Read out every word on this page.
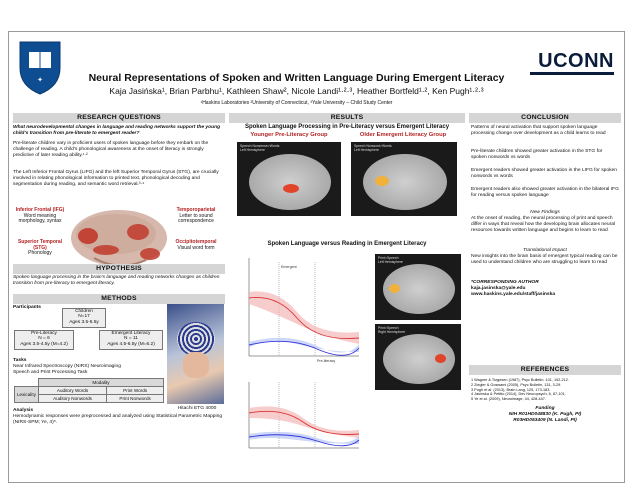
✦	Neural Representations of Spoken and Written Language During Emergent Literacy
Kaja Jasińska¹, Brian Parbhu¹, Kathleen Shaw², Nicole Landi¹·²·³, Heather Bortfeld¹·², Ken Pugh¹·²·³
¹Haskins Laboratories ²University of Connecticut, ³Yale University – Child Study Center
UCONN
RESEARCH QUESTIONS
What neurodevelopmental changes in language and reading networks support the young child's transition from pre-literate to emergent reader?
Pre-literate children vary in proficient users of spoken language before they embark on the challenge of reading. A child's phonological awareness at the onset of literacy is strongly predictive of later reading ability.¹·²
The Left Inferior Frontal Gyrus (LIFG) and the left Superior Temporal Gyrus (STG), are crucially involved in relating phonological information to printed text, phonological decoding and segmentation during reading, and semantic word retrieval.³·⁴
Inferior Frontal (IFG)
Word meaning
morphology, syntax
Temporoparietal
Letter to sound
correspondence
Superior Temporal
(STG)
Phonology
Occipitotemporal
Visual word form
HYPOTHESIS
Spoken language processing in the brain's language and reading networks changes as children transition from pre-literacy to emergent literacy.
METHODS
Participants
Children
N=17
Ages 3.5-6.5y
Pre-Literacy
N = 6
Ages 3.5-4.5y (M=4.2)
Emergent Literacy
N = 11
Ages 4.5-6.5y (M=6.2)
Hitachi ETG 4000
Tasks
Near Infrared Spectroscopy (NIRS) Neuroimaging
Speech and Print Processing Task
	Modality	
Lexicality	Auditory Words	Print Words
	Auditory Nonwords	Print Nonwords
Analysis
Hemodynamic responses were preprocessed and analyzed using Statistical Parametric Mapping (NIRS-SPM; Ye, 4)⁵.
RESULTS
Spoken Language Processing in Pre-Literacy versus Emergent Literacy
Younger Pre-Literacy Group	Older Emergent Literacy Group
Speech Nonsense>Words
Left Hemisphere
Speech Nonword>Words
Left Hemisphere
Spoken Language versus Reading in Emergent Literacy
Emergent
Pre-literacy
Print>Speech
Left Hemisphere
Print>Speech
Right Hemisphere
CONCLUSION
Patterns of neural activation that support spoken language processing change over development as a child learns to read
Pre-literate children showed greater activation in the STG for spoken nonwords vs words
Emergent readers showed greater activation in the LIFG for spoken nonwords vs words
Emergent readers also showed greater activation in the bilateral IFG for reading versus spoken language
New Findings
At the onset of reading, the neural processing of print and speech differ in ways that reveal how the developing brain allocates neural resources towards written language and begins to learn to read
Translational Impact
New insights into the brain basis of emergent typical reading can be used to understand children who are struggling to learn to read
*CORRESPONDING AUTHOR
kaja.jasinska@yale.edu
www.haskins.yale.edu/staff/jasinska
REFERENCES
1 Wagner & Torgesen (1987), Psyc Bulletin, 101, 192-212.
2 Ziegler & Goswami (2005), Psyc Bulletin, 131, 3-29.
3 Pugh et al. (2013), Brain Lang, 125, 173-183.
4 Jasinska & Petitto (2014), Dev Neuropsych, 6, 87-101.
5 Ye et al. (2009), Neuroimage, 44, 428-447.
Funding
NIH R01HD048830 (K. Pugh, PI)
R03HD053409 (N. Landi, PI)
